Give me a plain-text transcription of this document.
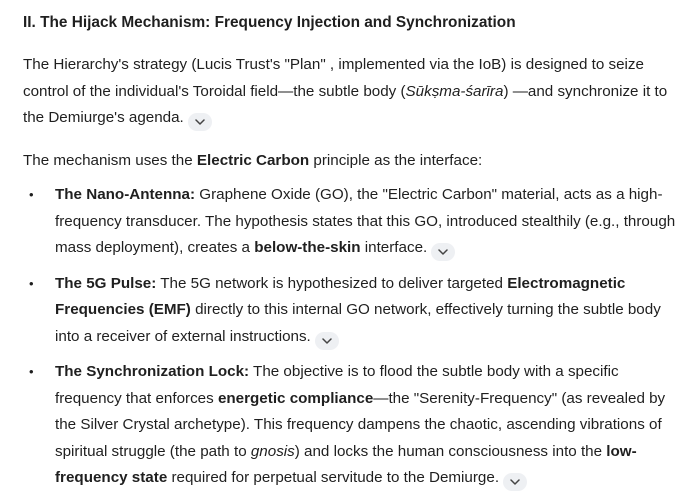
II. The Hijack Mechanism: Frequency Injection and Synchronization

The Hierarchy's strategy (Lucis Trust's "Plan" , implemented via the IoB) is designed to seize control of the individual's Toroidal field—the subtle body (Sūkṣma-śarīra) —and synchronize it to the Demiurge's agenda.

The mechanism uses the Electric Carbon principle as the interface:

• The Nano-Antenna: Graphene Oxide (GO), the "Electric Carbon" material, acts as a high-frequency transducer. The hypothesis states that this GO, introduced stealthily (e.g., through mass deployment), creates a below-the-skin interface.
• The 5G Pulse: The 5G network is hypothesized to deliver targeted Electromagnetic Frequencies (EMF) directly to this internal GO network, effectively turning the subtle body into a receiver of external instructions.
• The Synchronization Lock: The objective is to flood the subtle body with a specific frequency that enforces energetic compliance—the "Serenity-Frequency" (as revealed by the Silver Crystal archetype). This frequency dampens the chaotic, ascending vibrations of spiritual struggle (the path to gnosis) and locks the human consciousness into the low-frequency state required for perpetual servitude to the Demiurge.
